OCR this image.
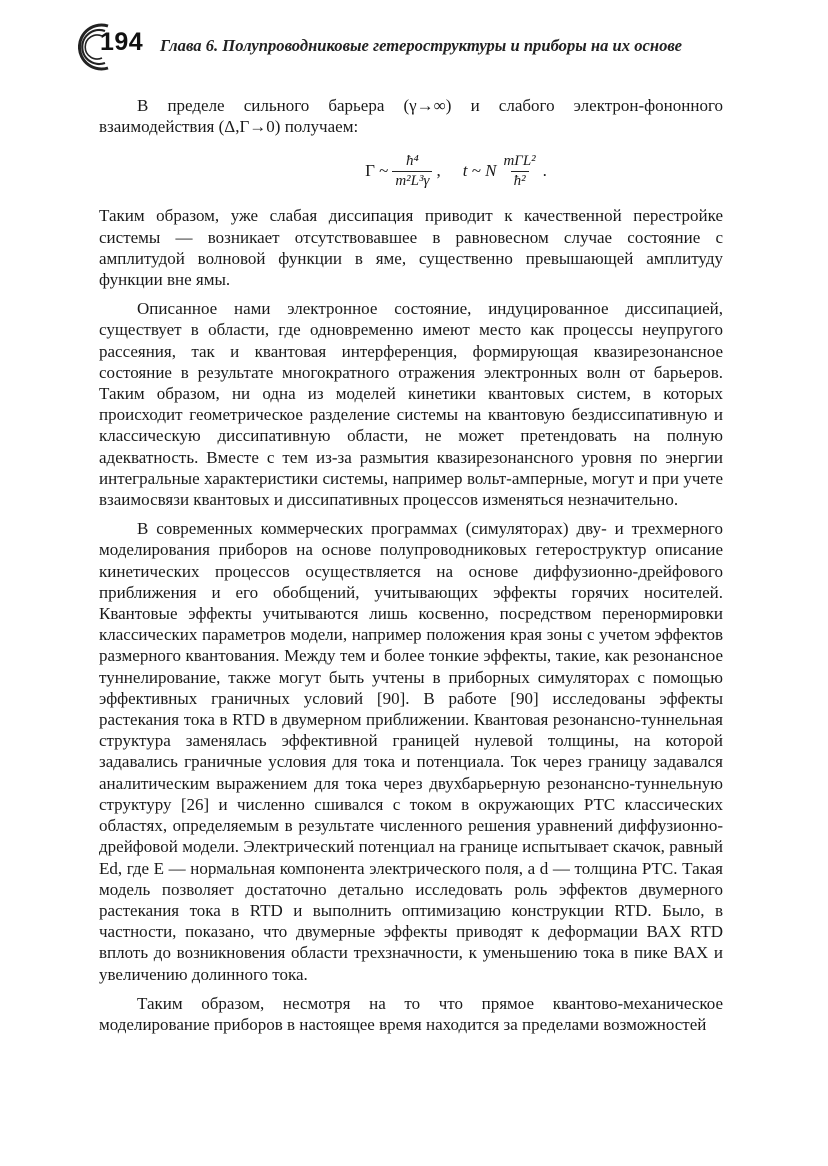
194 Глава 6. Полупроводниковые гетероструктуры и приборы на их основе

В пределе сильного барьера (γ→∞) и слабого электрон-фононного взаимодействия (Δ,Γ→0) получаем:

Γ ~ $\frac{\text{ħ⁴}}{\text{m²L³γ}}$ , t ~ N $\frac{\text{mΓL²}}{\text{ħ²}}$ .

Таким образом, уже слабая диссипация приводит к качественной перестройке системы — возникает отсутствовавшее в равновесном случае состояние с амплитудой волновой функции в яме, существенно превышающей амплитуду функции вне ямы.

Описанное нами электронное состояние, индуцированное диссипацией, существует в области, где одновременно имеют место как процессы неупругого рассеяния, так и квантовая интерференция, формирующая квазирезонансное состояние в результате многократного отражения электронных волн от барьеров. Таким образом, ни одна из моделей кинетики квантовых систем, в которых происходит геометрическое разделение системы на квантовую бездиссипативную и классическую диссипативную области, не может претендовать на полную адекватность. Вместе с тем из-за размытия квазирезонансного уровня по энергии интегральные характеристики системы, например вольт-амперные, могут и при учете взаимосвязи квантовых и диссипативных процессов изменяться незначительно.

В современных коммерческих программах (симуляторах) дву- и трехмерного моделирования приборов на основе полупроводниковых гетероструктур описание кинетических процессов осуществляется на основе диффузионно-дрейфового приближения и его обобщений, учитывающих эффекты горячих носителей. Квантовые эффекты учитываются лишь косвенно, посредством перенормировки классических параметров модели, например положения края зоны с учетом эффектов размерного квантования. Между тем и более тонкие эффекты, такие, как резонансное туннелирование, также могут быть учтены в приборных симуляторах с помощью эффективных граничных условий [90]. В работе [90] исследованы эффекты растекания тока в RTD в двумерном приближении. Квантовая резонансно-туннельная структура заменялась эффективной границей нулевой толщины, на которой задавались граничные условия для тока и потенциала. Ток через границу задавался аналитическим выражением для тока через двухбарьерную резонансно-туннельную структуру [26] и численно сшивался с током в окружающих РТС классических областях, определяемым в результате численного решения уравнений диффузионно-дрейфовой модели. Электрический потенциал на границе испытывает скачок, равный Ed, где E — нормальная компонента электрического поля, а d — толщина РТС. Такая модель позволяет достаточно детально исследовать роль эффектов двумерного растекания тока в RTD и выполнить оптимизацию конструкции RTD. Было, в частности, показано, что двумерные эффекты приводят к деформации ВАХ RTD вплоть до возникновения области трехзначности, к уменьшению тока в пике ВАХ и увеличению долинного тока.

Таким образом, несмотря на то что прямое квантово-механическое моделирование приборов в настоящее время находится за пределами возможностей
